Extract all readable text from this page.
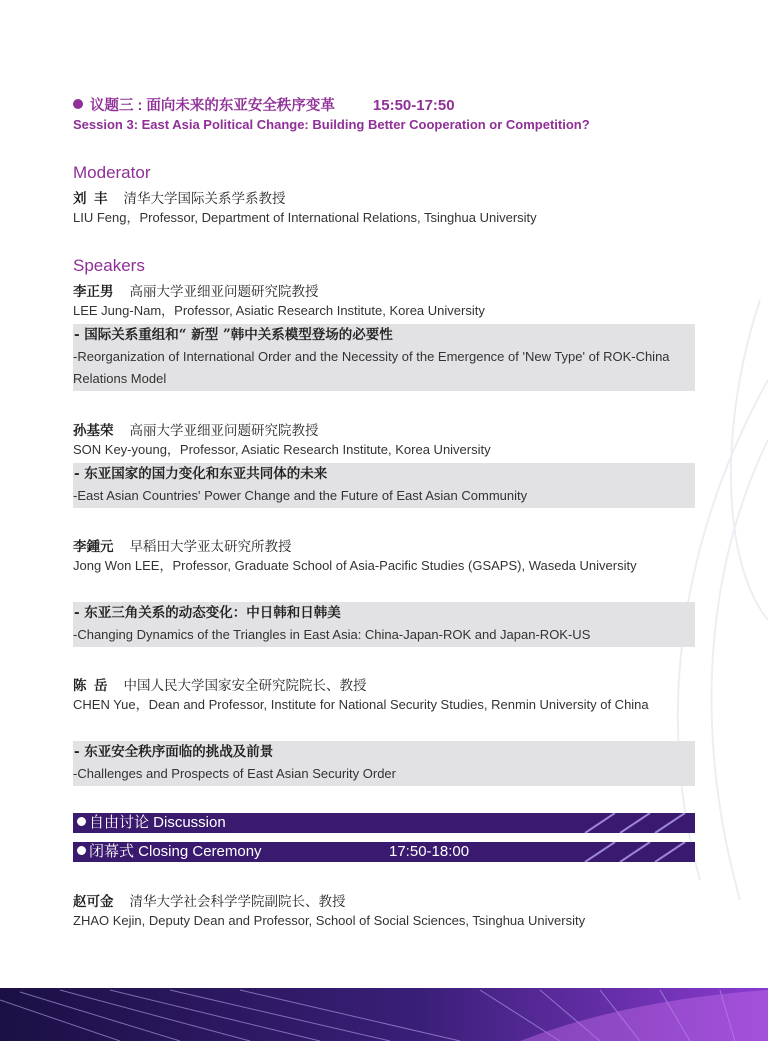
议题三 : 面向未来的东亚安全秩序变革	15:50-17:50
Session 3: East Asia Political Change: Building Better Cooperation or Competition?
Moderator
刘  丰 清华大学国际关系学系教授
LIU Feng，Professor, Department of International Relations, Tsinghua University
Speakers
李正男 高丽大学亚细亚问题研究院教授
LEE Jung-Nam，Professor, Asiatic Research Institute, Korea University
- 国际关系重组和“ 新型 ”韩中关系模型登场的必要性
-Reorganization of International Order and the Necessity of the Emergence of 'New Type' of ROK-China Relations Model
孙基荣 高丽大学亚细亚问题研究院教授
SON Key-young，Professor, Asiatic Research Institute, Korea University
- 东亚国家的国力变化和东亚共同体的未来
-East Asian Countries' Power Change and the Future of East Asian Community
李鍾元 早稻田大学亚太研究所教授
Jong Won LEE，Professor, Graduate School of Asia-Pacific Studies (GSAPS), Waseda University
- 东亚三角关系的动态变化：中日韩和日韩美
-Changing Dynamics of the Triangles in East Asia: China-Japan-ROK and Japan-ROK-US
陈  岳 中国人民大学国家安全研究院院长、教授
CHEN Yue，Dean and Professor, Institute for National Security Studies, Renmin University of China
- 东亚安全秩序面临的挑战及前景
-Challenges and Prospects of East Asian Security Order
自由讨论 Discussion
闭幕式 Closing Ceremony	17:50-18:00
赵可金 清华大学社会科学学院副院长、教授
ZHAO Kejin, Deputy Dean and Professor, School of Social Sciences, Tsinghua University
